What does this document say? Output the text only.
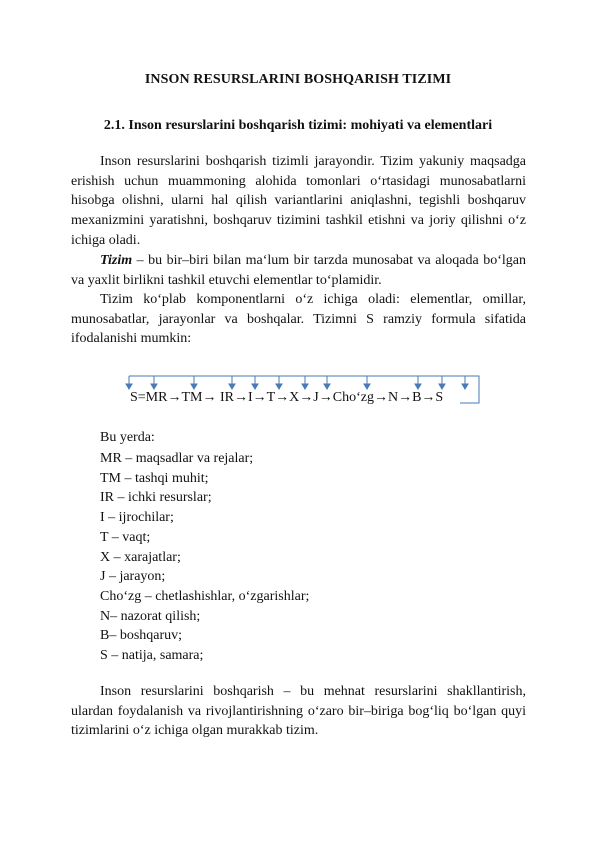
INSON RESURSLARINI BOSHQARISH TIZIMI
2.1. Inson resurslarini boshqarish tizimi: mohiyati va elementlari

Inson resurslarini boshqarish tizimli jarayondir. Tizim yakuniy maqsadga erishish uchun muammoning alohida tomonlari o‘rtasidagi munosabatlarni hisobga olishni, ularni hal qilish variantlarini aniqlashni, tegishli boshqaruv mexanizmini yaratishni, boshqaruv tizimini tashkil etishni va joriy qilishni o‘z ichiga oladi.

Tizim – bu bir–biri bilan ma‘lum bir tarzda munosabat va aloqada bo‘lgan va yaxlit birlikni tashkil etuvchi elementlar to‘plamidir.

Tizim ko‘plab komponentlarni o‘z ichiga oladi: elementlar, omillar, munosabatlar, jarayonlar va boshqalar. Tizimni S ramziy formula sifatida ifodalanishi mumkin:

S=MR→TM→ IR→I→T→X→J→Cho‘zg→N→B→S
Bu yerda:
MR – maqsadlar va rejalar;
TM – tashqi muhit;
IR – ichki resurslar;
I – ijrochilar;
T – vaqt;
X – xarajatlar;
J – jarayon;
Cho‘zg – chetlashishlar, o‘zgarishlar;
N– nazorat qilish;
B– boshqaruv;
S – natija, samara;

Inson resurslarini boshqarish – bu mehnat resurslarini shakllantirish, ulardan foydalanish va rivojlantirishning o‘zaro bir–biriga bog‘liq bo‘lgan quyi tizimlarini o‘z ichiga olgan murakkab tizim.
